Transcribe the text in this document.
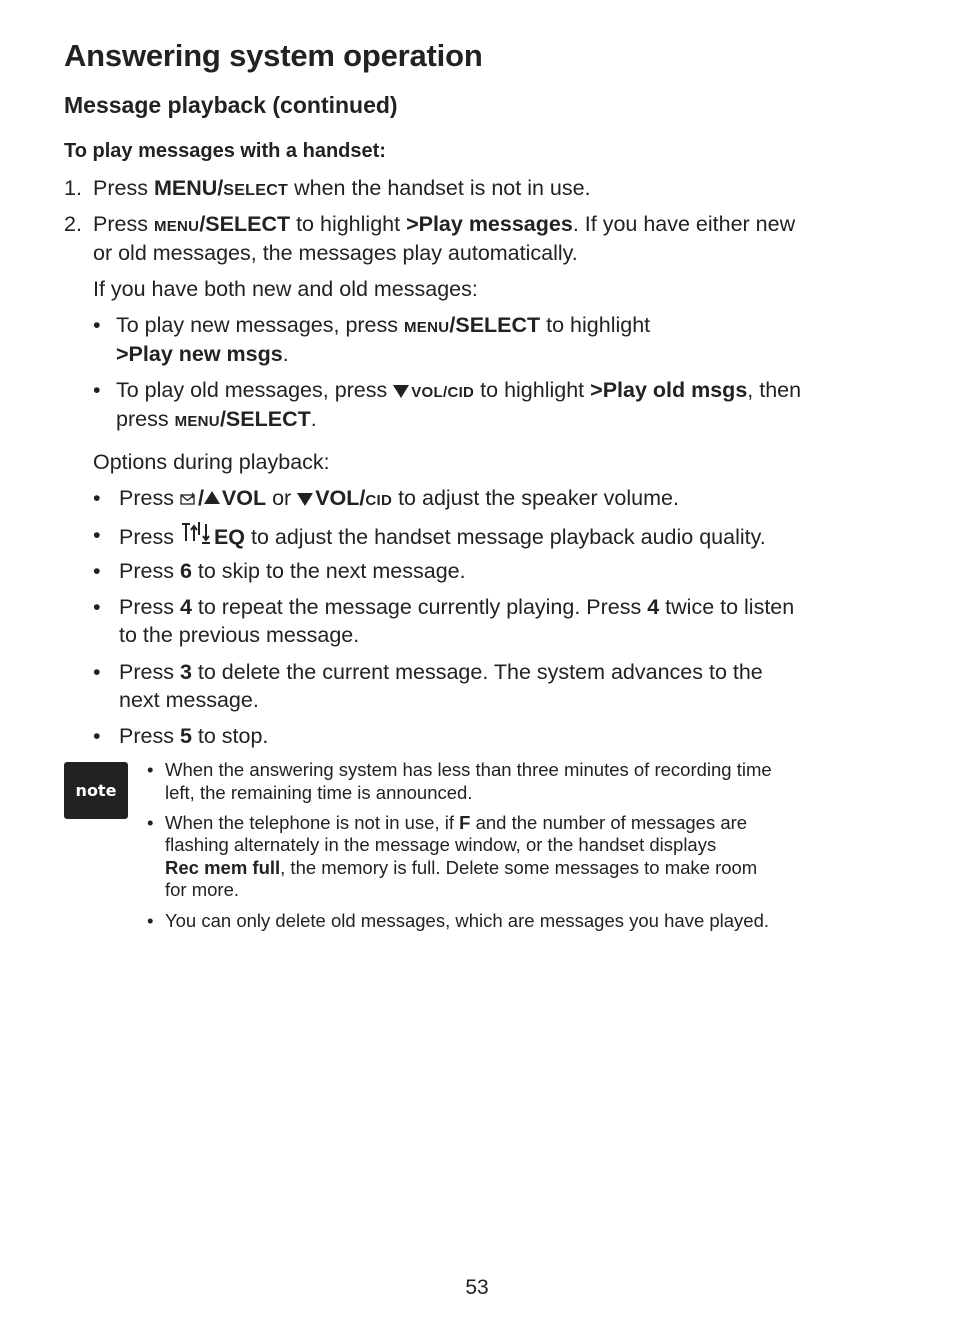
Answering system operation
Message playback (continued)
To play messages with a handset:
1. Press MENU/SELECT when the handset is not in use.
2. Press MENU/SELECT to highlight >Play messages. If you have either new
or old messages, the messages play automatically.
If you have both new and old messages:
• To play new messages, press MENU/SELECT to highlight
>Play new msgs.
• To play old messages, press VOL/CID to highlight >Play old msgs, then
press MENU/SELECT.
Options during playback:
• Press / VOL or VOL/CID to adjust the speaker volume.
• Press EQ to adjust the handset message playback audio quality.
• Press 6 to skip to the next message.
• Press 4 to repeat the message currently playing. Press 4 twice to listen
to the previous message.
• Press 3 to delete the current message. The system advances to the
next message.
• Press 5 to stop.
note
• When the answering system has less than three minutes of recording time
left, the remaining time is announced.
• When the telephone is not in use, if F and the number of messages are
flashing alternately in the message window, or the handset displays
Rec mem full, the memory is full. Delete some messages to make room
for more.
• You can only delete old messages, which are messages you have played.
53
